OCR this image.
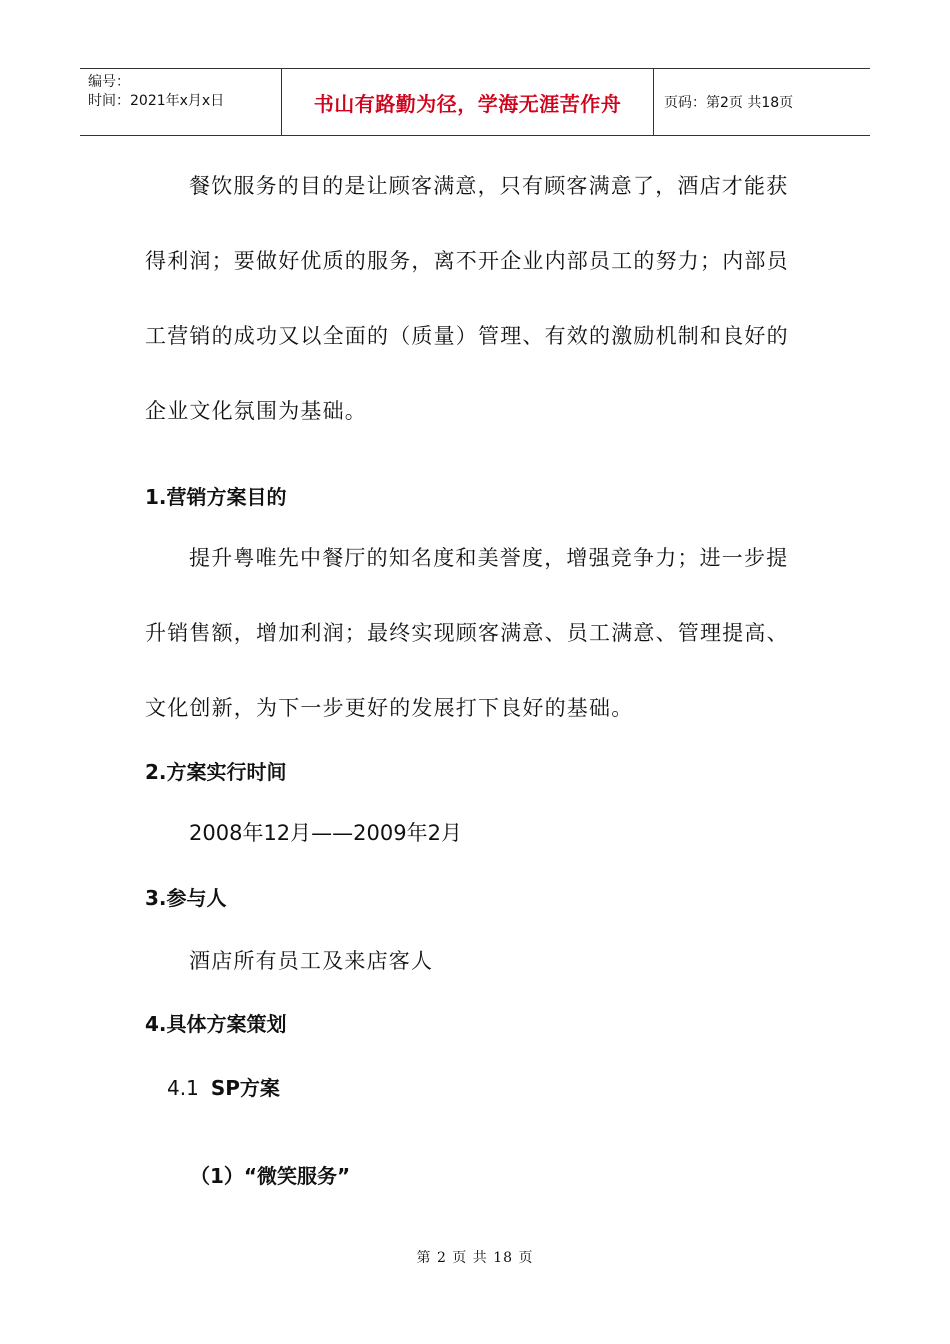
编号：
时间：2021年x月x日	书山有路勤为径，学海无涯苦作舟	页码：第2页 共18页
餐饮服务的目的是让顾客满意，只有顾客满意了，酒店才能获
得利润；要做好优质的服务，离不开企业内部员工的努力；内部员
工营销的成功又以全面的（质量）管理、有效的激励机制和良好的
企业文化氛围为基础。
1.营销方案目的
提升粤唯先中餐厅的知名度和美誉度，增强竞争力；进一步提
升销售额，增加利润；最终实现顾客满意、员工满意、管理提高、
文化创新，为下一步更好的发展打下良好的基础。
2.方案实行时间
2008年12月——2009年2月
3.参与人
酒店所有员工及来店客人
4.具体方案策划
4.1 SP方案
（1）“微笑服务”
第 2 页 共 18 页
